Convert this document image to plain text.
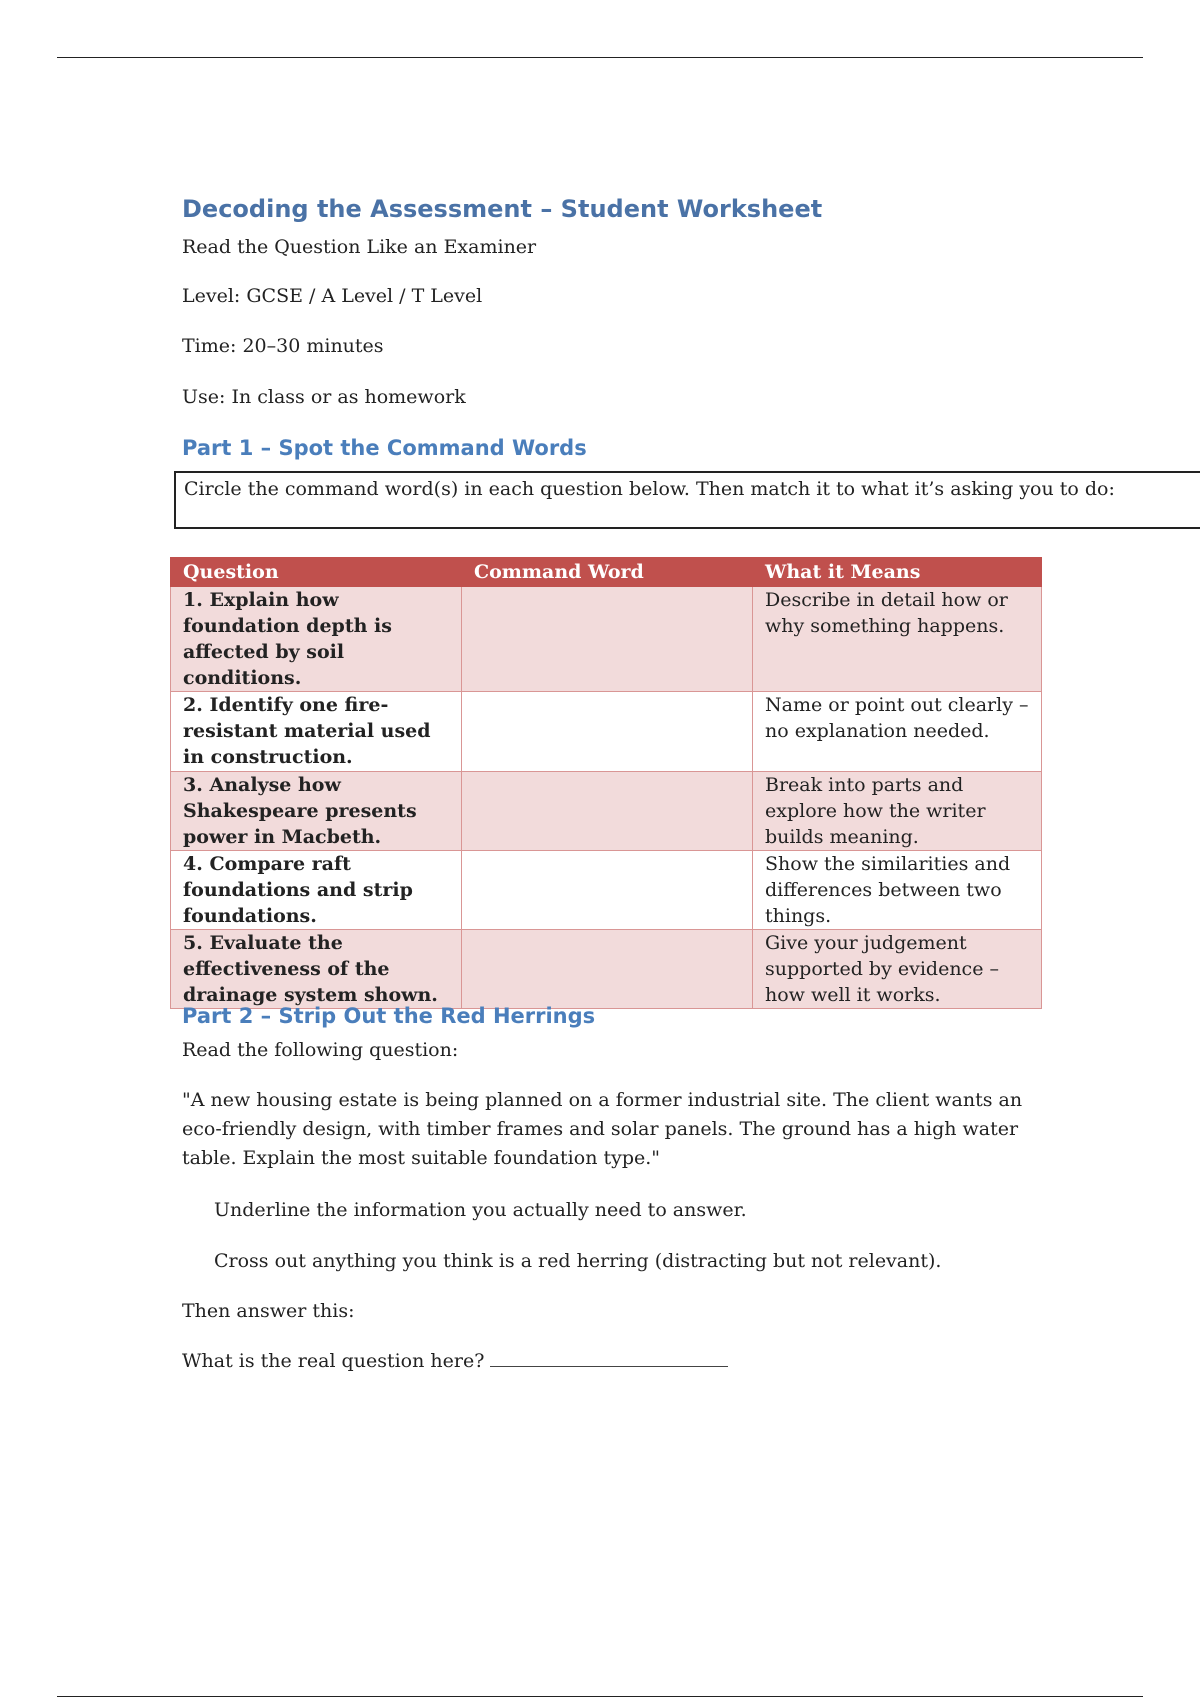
Decoding the Assessment – Student Worksheet
Read the Question Like an Examiner
Level: GCSE / A Level / T Level
Time: 20–30 minutes
Use: In class or as homework
Part 1 – Spot the Command Words
Circle the command word(s) in each question below. Then match it to what it’s asking you to do:
Question	Command Word	What it Means
1. Explain how foundation depth is affected by soil conditions.		Describe in detail how or why something happens.
2. Identify one fire-resistant material used in construction.		Name or point out clearly – no explanation needed.
3. Analyse how Shakespeare presents power in Macbeth.		Break into parts and explore how the writer builds meaning.
4. Compare raft foundations and strip foundations.		Show the similarities and differences between two things.
5. Evaluate the effectiveness of the drainage system shown.		Give your judgement supported by evidence – how well it works.
Part 2 – Strip Out the Red Herrings
Read the following question:
"A new housing estate is being planned on a former industrial site. The client wants an eco-friendly design, with timber frames and solar panels. The ground has a high water table. Explain the most suitable foundation type."
Underline the information you actually need to answer.
Cross out anything you think is a red herring (distracting but not relevant).
Then answer this:
What is the real question here?
